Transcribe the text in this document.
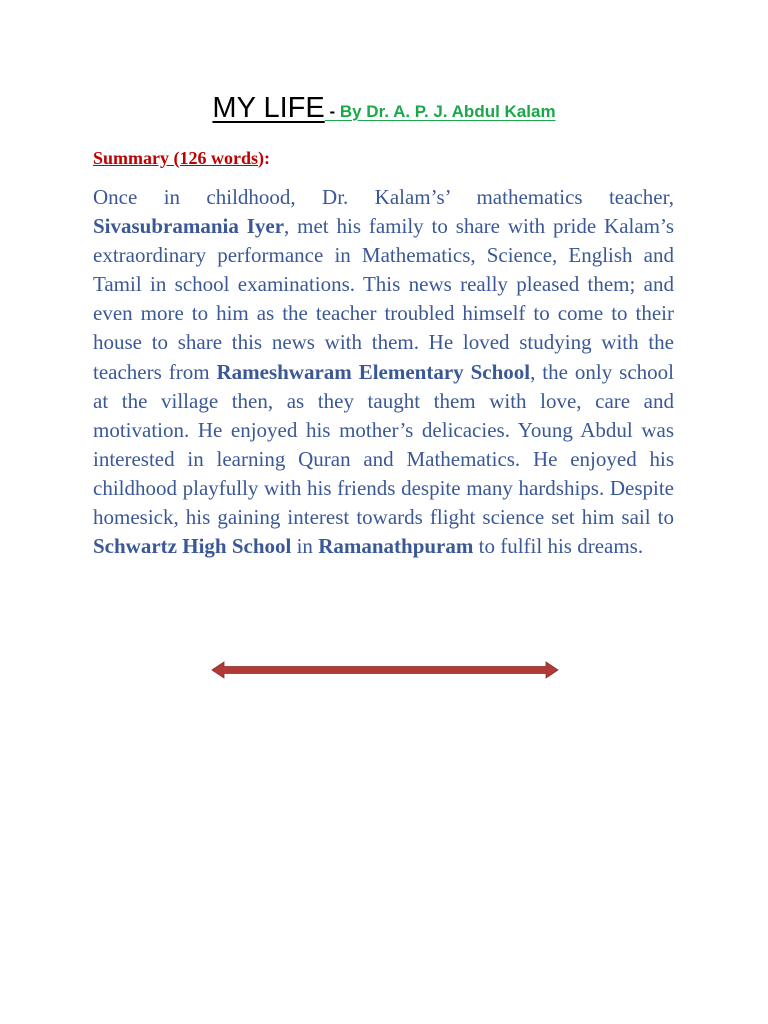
MY LIFE - By Dr. A. P. J. Abdul Kalam

Summary (126 words):

Once in childhood, Dr. Kalam’s’ mathematics teacher, Sivasubramania Iyer, met his family to share with pride Kalam’s extraordinary performance in Mathematics, Science, English and Tamil in school examinations. This news really pleased them; and even more to him as the teacher troubled himself to come to their house to share this news with them. He loved studying with the teachers from Rameshwaram Elementary School, the only school at the village then, as they taught them with love, care and motivation. He enjoyed his mother’s delicacies. Young Abdul was interested in learning Quran and Mathematics. He enjoyed his childhood playfully with his friends despite many hardships. Despite homesick, his gaining interest towards flight science set him sail to Schwartz High School in Ramanathpuram to fulfil his dreams.
